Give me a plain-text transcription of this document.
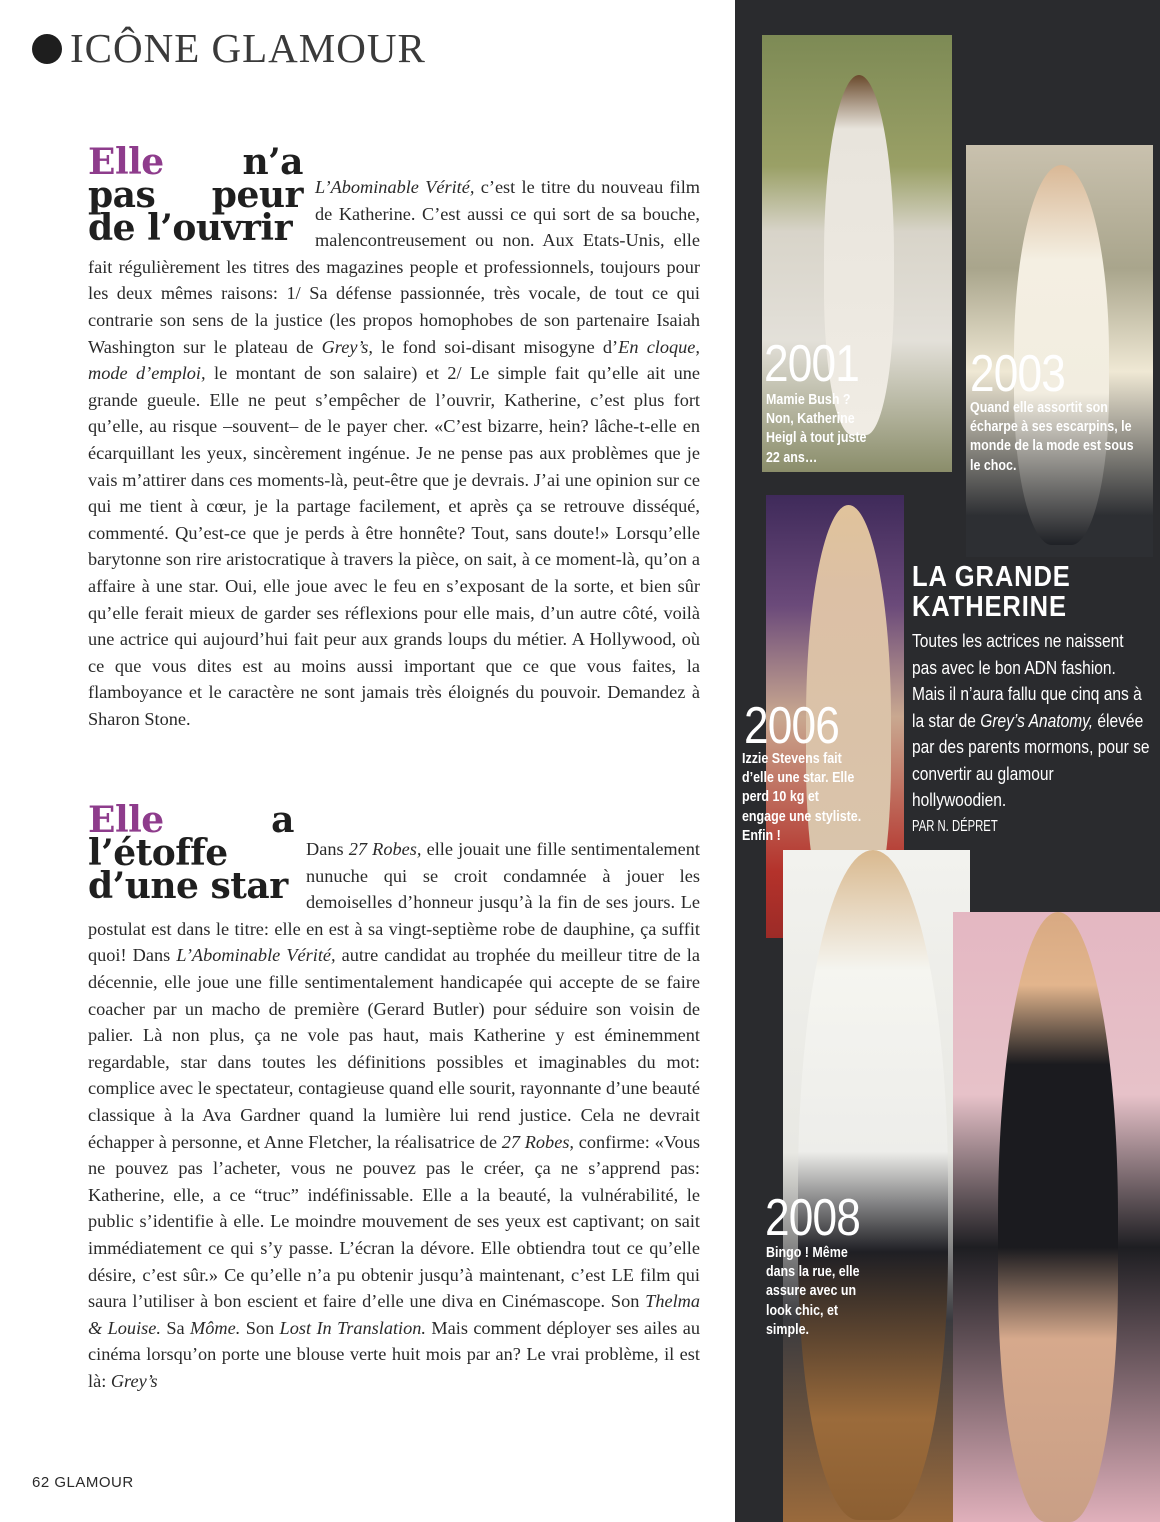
ICÔNE GLAMOUR
Elle n’a pas peur de l’ouvrir

L’Abominable Vérité, c’est le titre du nouveau film de Katherine. C’est aussi ce qui sort de sa bouche, malencontreusement ou non. Aux Etats-Unis, elle fait régulièrement les titres des magazines people et professionnels, toujours pour les deux mêmes raisons: 1/ Sa défense passionnée, très vocale, de tout ce qui contrarie son sens de la justice (les propos homophobes de son partenaire Isaiah Washington sur le plateau de Grey’s, le fond soi-disant misogyne d’En cloque, mode d’emploi, le montant de son salaire) et 2/ Le simple fait qu’elle ait une grande gueule. Elle ne peut s’empêcher de l’ouvrir, Katherine, c’est plus fort qu’elle, au risque –souvent– de le payer cher. «C’est bizarre, hein? lâche-t-elle en écarquillant les yeux, sincèrement ingénue. Je ne pense pas aux problèmes que je vais m’attirer dans ces moments-là, peut-être que je devrais. J’ai une opinion sur ce qui me tient à cœur, je la partage facilement, et après ça se retrouve disséqué, commenté. Qu’est-ce que je perds à être honnête? Tout, sans doute!» Lorsqu’elle barytonne son rire aristocratique à travers la pièce, on sait, à ce moment-là, qu’on a affaire à une star. Oui, elle joue avec le feu en s’exposant de la sorte, et bien sûr qu’elle ferait mieux de garder ses réflexions pour elle mais, d’un autre côté, voilà une actrice qui aujourd’hui fait peur aux grands loups du métier. A Hollywood, où ce que vous dites est au moins aussi important que ce que vous faites, la flamboyance et le caractère ne sont jamais très éloignés du pouvoir. Demandez à Sharon Stone.

Elle a l’étoffe d’une star

Dans 27 Robes, elle jouait une fille sentimentalement nunuche qui se croit condamnée à jouer les demoiselles d’honneur jusqu’à la fin de ses jours. Le postulat est dans le titre: elle en est à sa vingt-septième robe de dauphine, ça suffit quoi! Dans L’Abominable Vérité, autre candidat au trophée du meilleur titre de la décennie, elle joue une fille sentimentalement handicapée qui accepte de se faire coacher par un macho de première (Gerard Butler) pour séduire son voisin de palier. Là non plus, ça ne vole pas haut, mais Katherine y est éminemment regardable, star dans toutes les définitions possibles et imaginables du mot: complice avec le spectateur, contagieuse quand elle sourit, rayonnante d’une beauté classique à la Ava Gardner quand la lumière lui rend justice. Cela ne devrait échapper à personne, et Anne Fletcher, la réalisatrice de 27 Robes, confirme: «Vous ne pouvez pas l’acheter, vous ne pouvez pas le créer, ça ne s’apprend pas: Katherine, elle, a ce “truc” indéfinissable. Elle a la beauté, la vulnérabilité, le public s’identifie à elle. Le moindre mouvement de ses yeux est captivant; on sait immédiatement ce qui s’y passe. L’écran la dévore. Elle obtiendra tout ce qu’elle désire, c’est sûr.» Ce qu’elle n’a pu obtenir jusqu’à maintenant, c’est LE film qui saura l’utiliser à bon escient et faire d’elle une diva en Cinémascope. Son Thelma & Louise. Sa Môme. Son Lost In Translation. Mais comment déployer ses ailes au cinéma lorsqu’on porte une blouse verte huit mois par an? Le vrai problème, il est là: Grey’s

62 GLAMOUR
2001
Mamie Bush ? Non, Katherine Heigl à tout juste 22 ans…
2003
Quand elle assortit son écharpe à ses escarpins, le monde de la mode est sous le choc.
2006
Izzie Stevens fait d’elle une star. Elle perd 10 kg et engage une styliste. Enfin !
2008
Bingo ! Même dans la rue, elle assure avec un look chic, et simple.
LA GRANDE
KATHERINE
Toutes les actrices ne naissent pas avec le bon ADN fashion. Mais il n’aura fallu que cinq ans à la star de Grey’s Anatomy, élevée par des parents mormons, pour se convertir au glamour hollywoodien.
PAR N. DÉPRET
